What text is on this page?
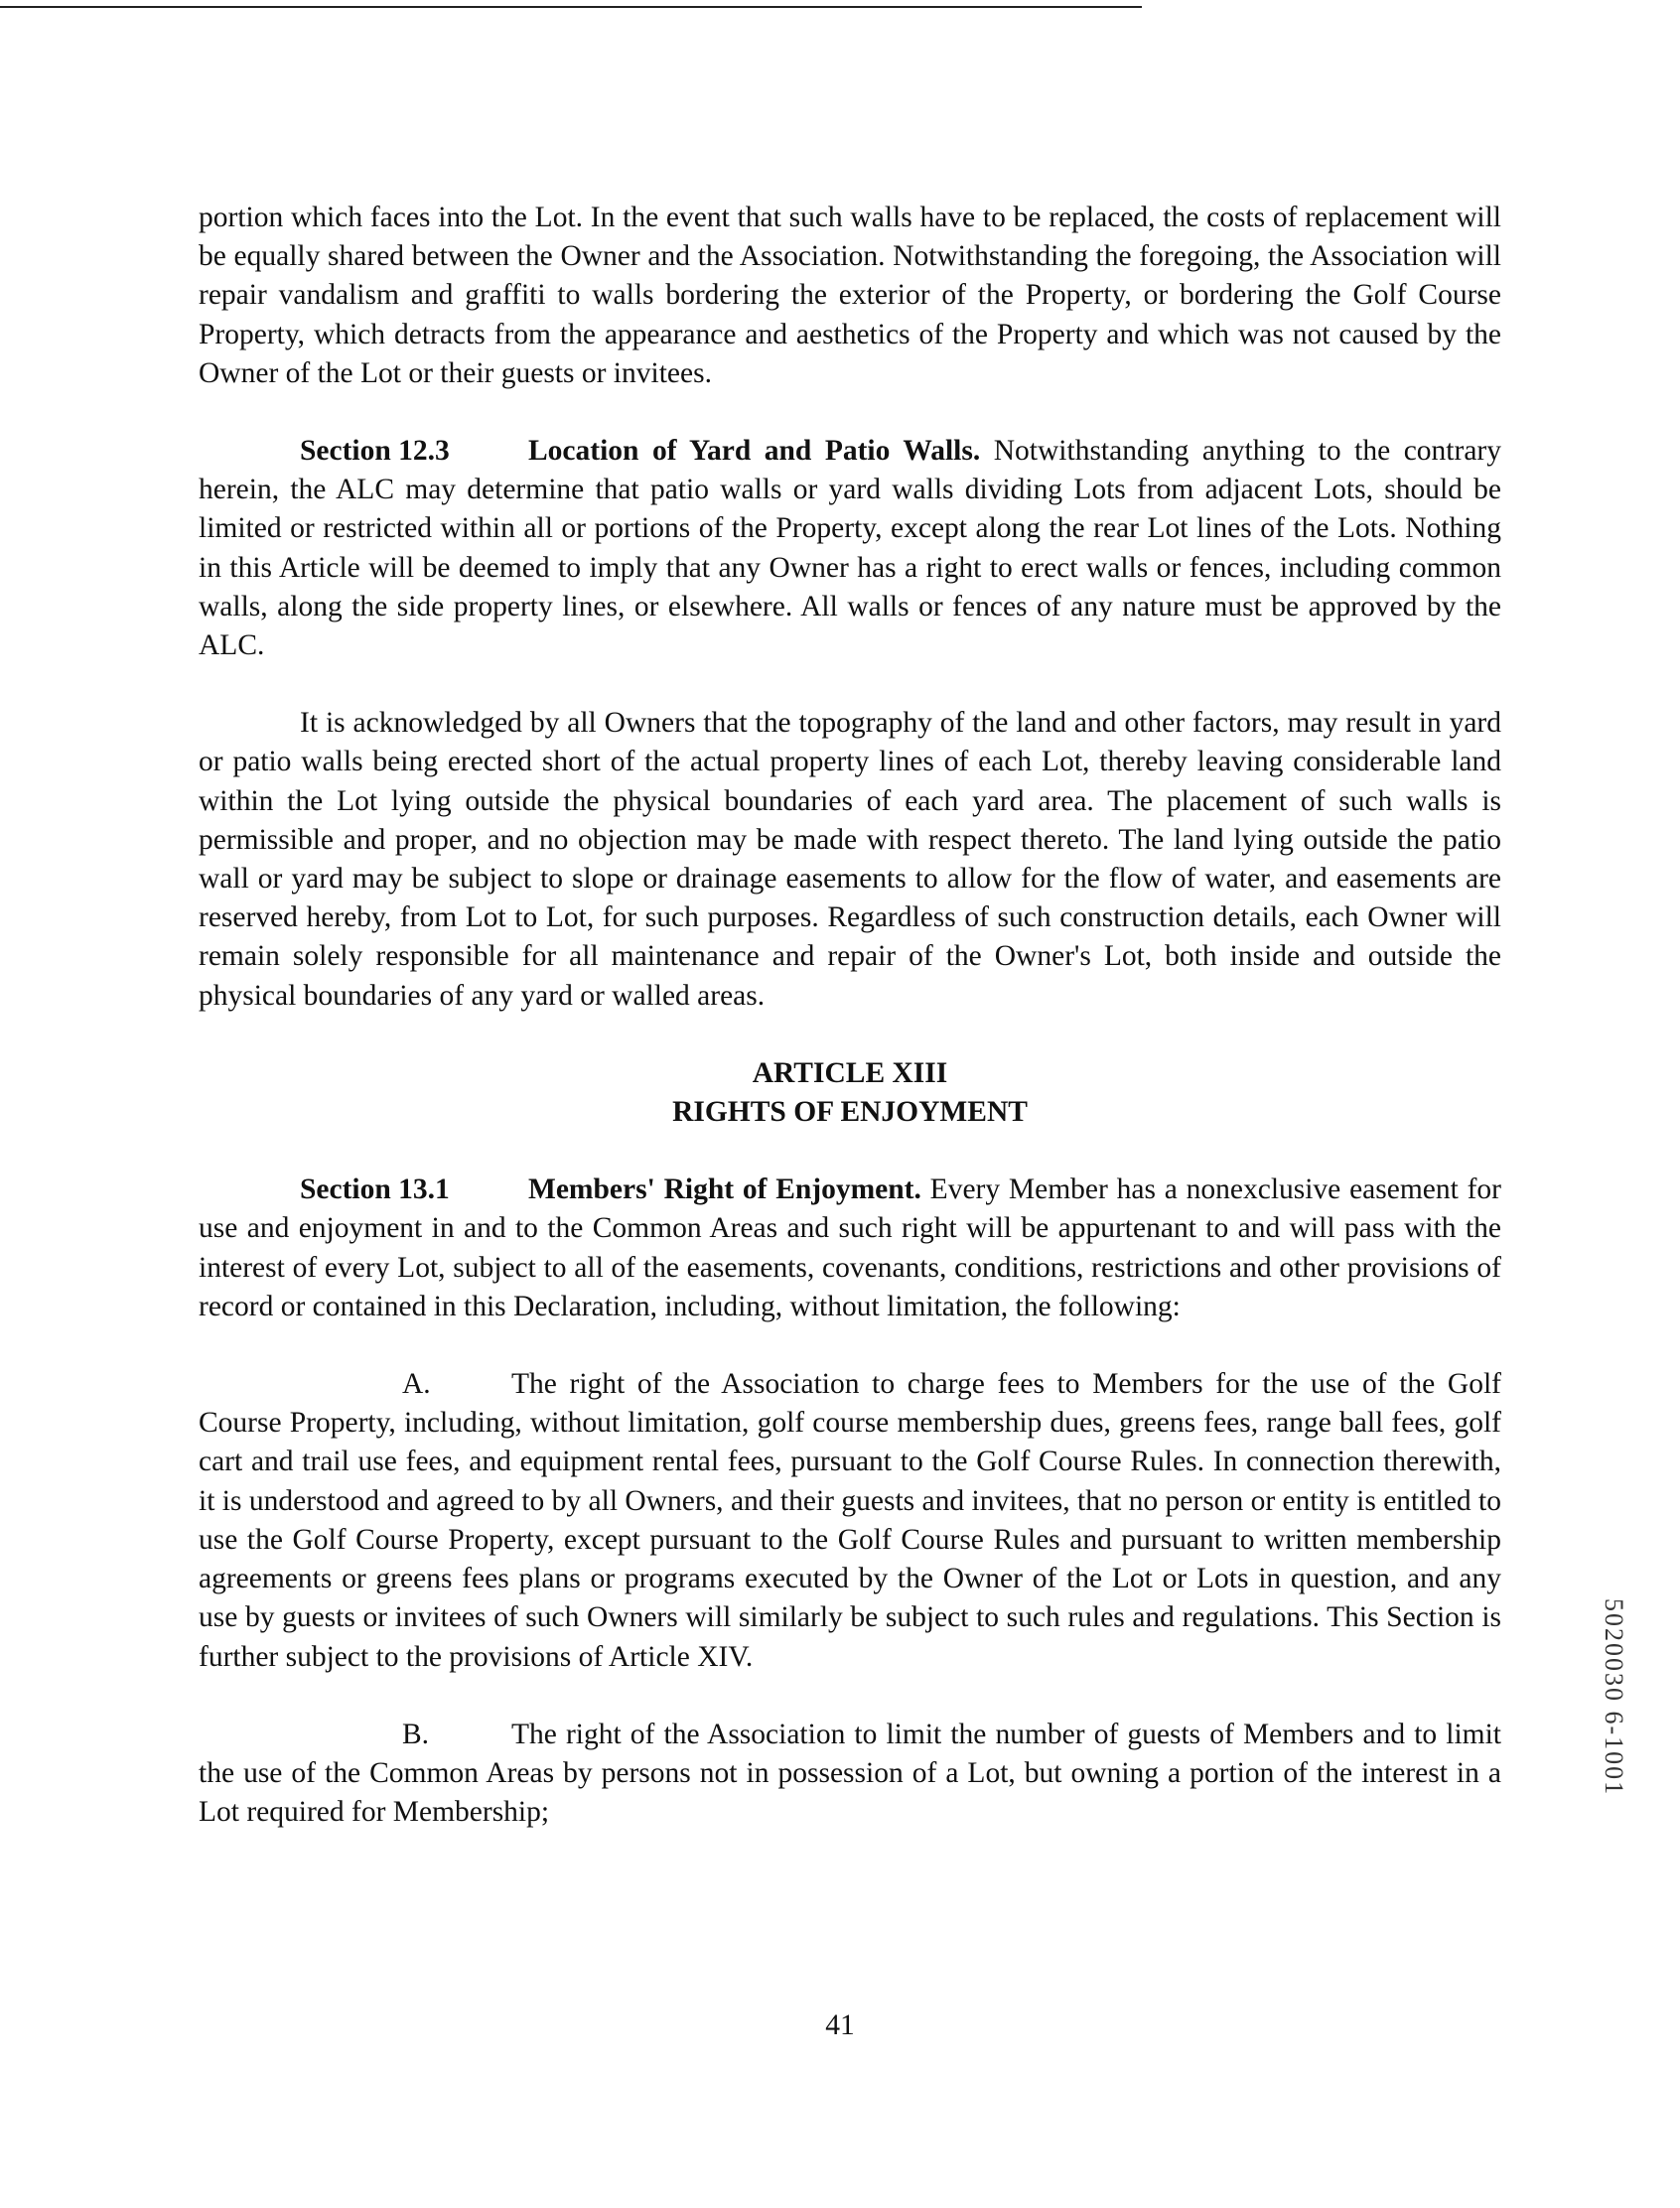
portion which faces into the Lot. In the event that such walls have to be replaced, the costs of replacement will be equally shared between the Owner and the Association. Notwithstanding the foregoing, the Association will repair vandalism and graffiti to walls bordering the exterior of the Property, or bordering the Golf Course Property, which detracts from the appearance and aesthetics of the Property and which was not caused by the Owner of the Lot or their guests or invitees.

Section 12.3	Location of Yard and Patio Walls. Notwithstanding anything to the contrary herein, the ALC may determine that patio walls or yard walls dividing Lots from adjacent Lots, should be limited or restricted within all or portions of the Property, except along the rear Lot lines of the Lots. Nothing in this Article will be deemed to imply that any Owner has a right to erect walls or fences, including common walls, along the side property lines, or elsewhere. All walls or fences of any nature must be approved by the ALC.

It is acknowledged by all Owners that the topography of the land and other factors, may result in yard or patio walls being erected short of the actual property lines of each Lot, thereby leaving considerable land within the Lot lying outside the physical boundaries of each yard area. The placement of such walls is permissible and proper, and no objection may be made with respect thereto. The land lying outside the patio wall or yard may be subject to slope or drainage easements to allow for the flow of water, and easements are reserved hereby, from Lot to Lot, for such purposes. Regardless of such construction details, each Owner will remain solely responsible for all maintenance and repair of the Owner's Lot, both inside and outside the physical boundaries of any yard or walled areas.

ARTICLE XIII

RIGHTS OF ENJOYMENT

Section 13.1	Members' Right of Enjoyment. Every Member has a nonexclusive easement for use and enjoyment in and to the Common Areas and such right will be appurtenant to and will pass with the interest of every Lot, subject to all of the easements, covenants, conditions, restrictions and other provisions of record or contained in this Declaration, including, without limitation, the following:

A.	The right of the Association to charge fees to Members for the use of the Golf Course Property, including, without limitation, golf course membership dues, greens fees, range ball fees, golf cart and trail use fees, and equipment rental fees, pursuant to the Golf Course Rules. In connection therewith, it is understood and agreed to by all Owners, and their guests and invitees, that no person or entity is entitled to use the Golf Course Property, except pursuant to the Golf Course Rules and pursuant to written membership agreements or greens fees plans or programs executed by the Owner of the Lot or Lots in question, and any use by guests or invitees of such Owners will similarly be subject to such rules and regulations. This Section is further subject to the provisions of Article XIV.

B.	The right of the Association to limit the number of guests of Members and to limit the use of the Common Areas by persons not in possession of a Lot, but owning a portion of the interest in a Lot required for Membership;

41
5020030 6-1001
